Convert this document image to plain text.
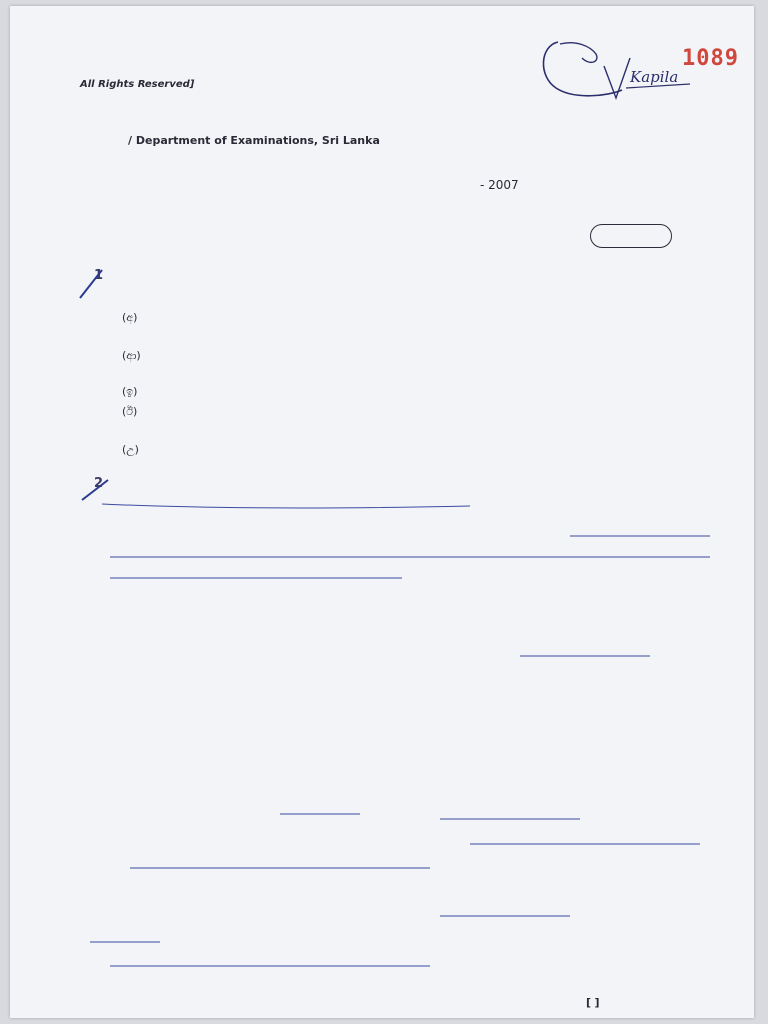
1089
Kapila
All Rights Reserved]
/ Department of Examinations, Sri Lanka
- 2007
1
(අ)

(ආ)

(ඉ)
(ඊ)

(උ)
2
[ ]
